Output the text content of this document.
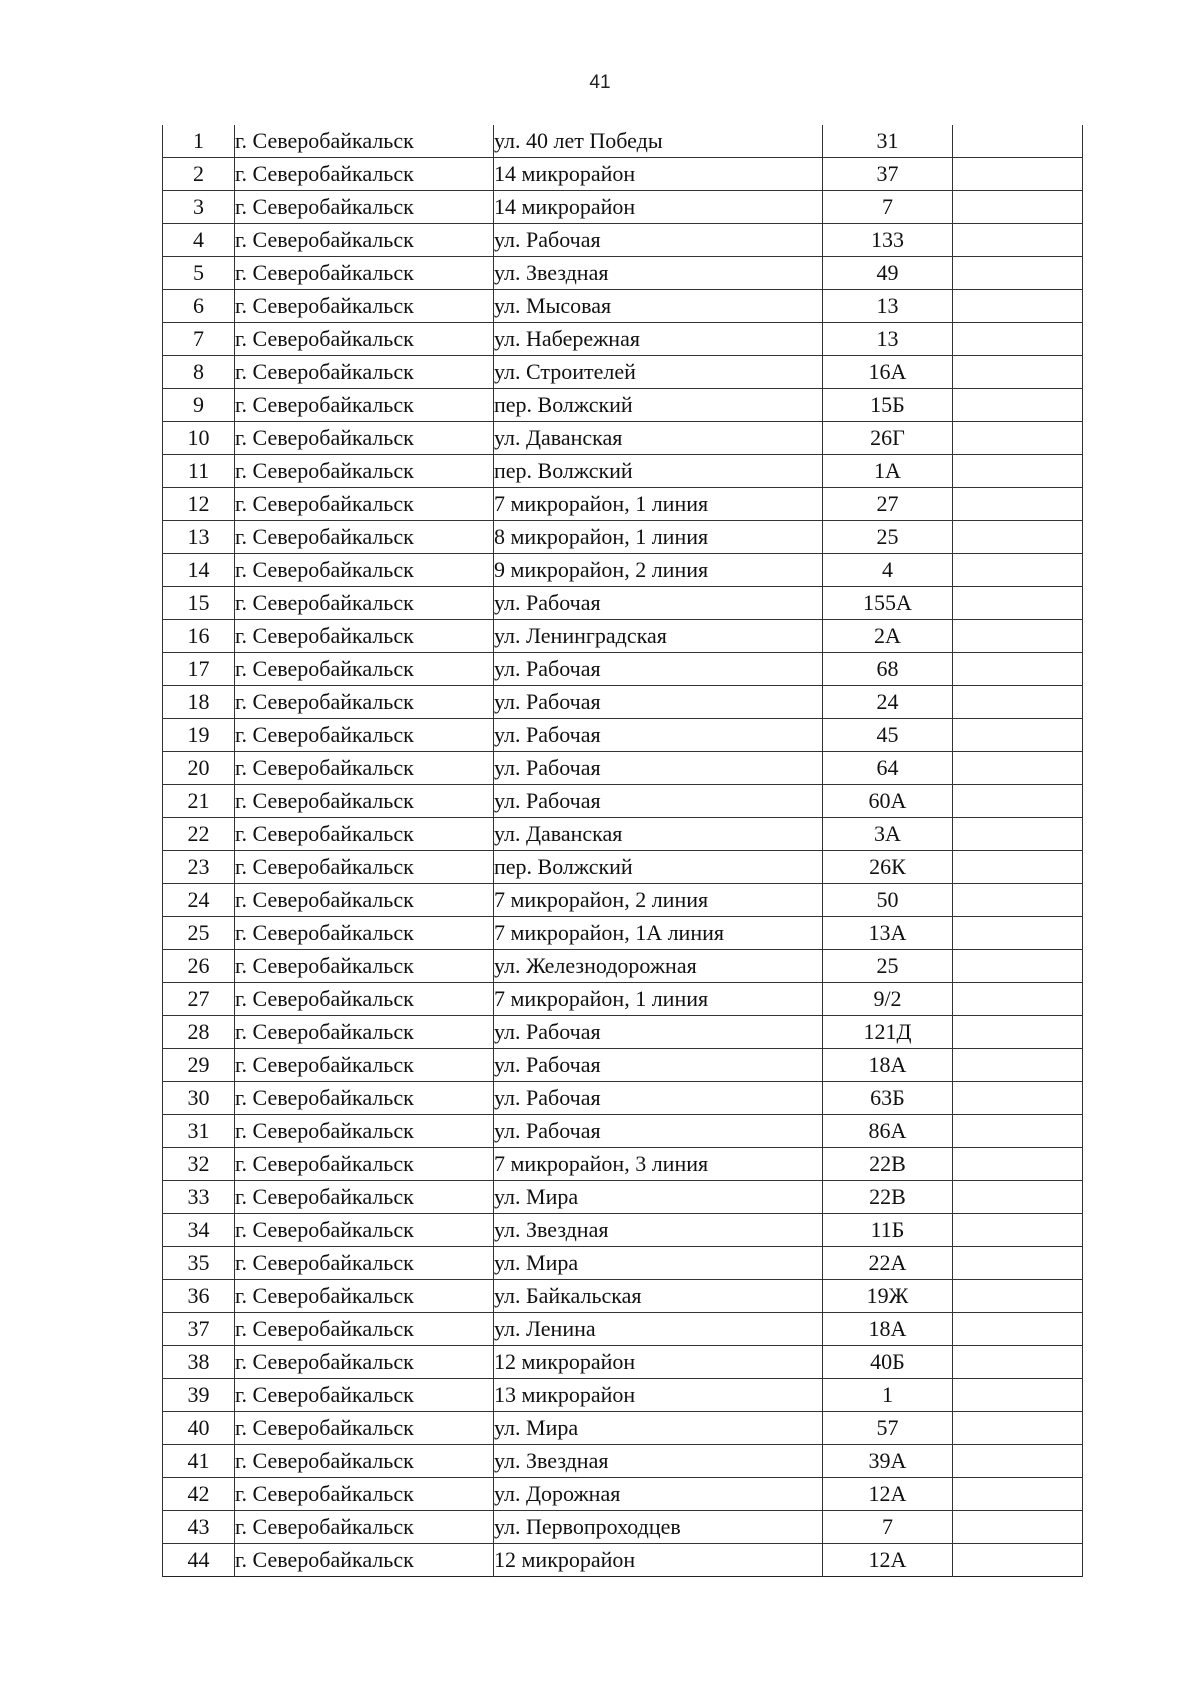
41
1	г. Северобайкальск	ул. 40 лет Победы	31	
2	г. Северобайкальск	14 микрорайон	37	
3	г. Северобайкальск	14 микрорайон	7	
4	г. Северобайкальск	ул. Рабочая	133	
5	г. Северобайкальск	ул. Звездная	49	
6	г. Северобайкальск	ул. Мысовая	13	
7	г. Северобайкальск	ул. Набережная	13	
8	г. Северобайкальск	ул. Строителей	16А	
9	г. Северобайкальск	пер. Волжский	15Б	
10	г. Северобайкальск	ул. Даванская	26Г	
11	г. Северобайкальск	пер. Волжский	1А	
12	г. Северобайкальск	7 микрорайон, 1 линия	27	
13	г. Северобайкальск	8 микрорайон, 1 линия	25	
14	г. Северобайкальск	9 микрорайон, 2 линия	4	
15	г. Северобайкальск	ул. Рабочая	155А	
16	г. Северобайкальск	ул. Ленинградская	2А	
17	г. Северобайкальск	ул. Рабочая	68	
18	г. Северобайкальск	ул. Рабочая	24	
19	г. Северобайкальск	ул. Рабочая	45	
20	г. Северобайкальск	ул. Рабочая	64	
21	г. Северобайкальск	ул. Рабочая	60А	
22	г. Северобайкальск	ул. Даванская	3А	
23	г. Северобайкальск	пер. Волжский	26К	
24	г. Северобайкальск	7 микрорайон, 2 линия	50	
25	г. Северобайкальск	7 микрорайон, 1А линия	13А	
26	г. Северобайкальск	ул. Железнодорожная	25	
27	г. Северобайкальск	7 микрорайон, 1 линия	9/2	
28	г. Северобайкальск	ул. Рабочая	121Д	
29	г. Северобайкальск	ул. Рабочая	18А	
30	г. Северобайкальск	ул. Рабочая	63Б	
31	г. Северобайкальск	ул. Рабочая	86А	
32	г. Северобайкальск	7 микрорайон, 3 линия	22В	
33	г. Северобайкальск	ул. Мира	22В	
34	г. Северобайкальск	ул. Звездная	11Б	
35	г. Северобайкальск	ул. Мира	22А	
36	г. Северобайкальск	ул. Байкальская	19Ж	
37	г. Северобайкальск	ул. Ленина	18А	
38	г. Северобайкальск	12 микрорайон	40Б	
39	г. Северобайкальск	13 микрорайон	1	
40	г. Северобайкальск	ул. Мира	57	
41	г. Северобайкальск	ул. Звездная	39А	
42	г. Северобайкальск	ул. Дорожная	12А	
43	г. Северобайкальск	ул. Первопроходцев	7	
44	г. Северобайкальск	12 микрорайон	12А	
